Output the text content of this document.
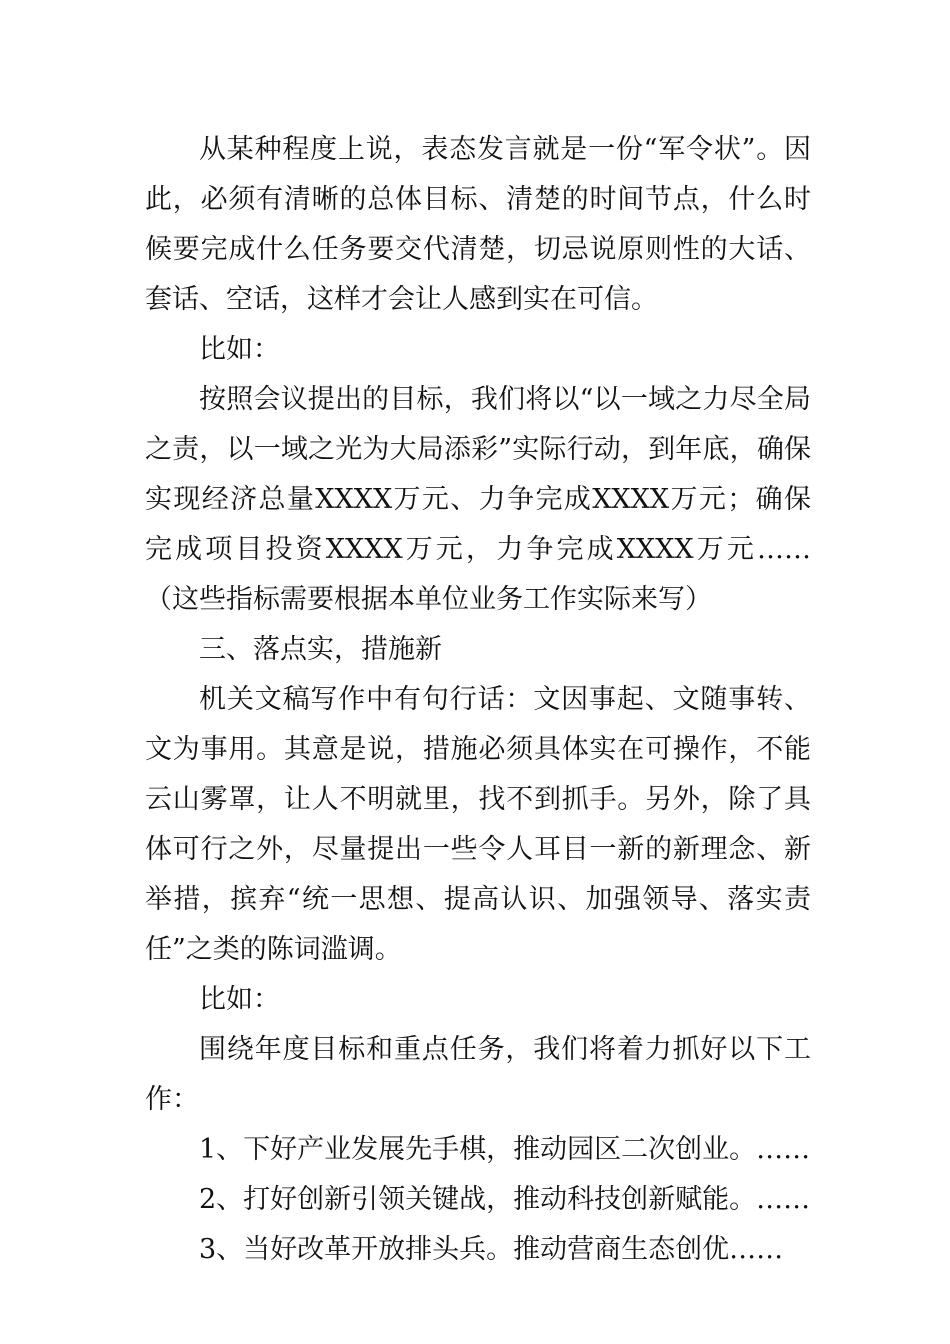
从某种程度上说，表态发言就是一份“军令状”。因此，必须有清晰的总体目标、清楚的时间节点，什么时候要完成什么任务要交代清楚，切忌说原则性的大话、套话、空话，这样才会让人感到实在可信。

比如：

按照会议提出的目标，我们将以“以一域之力尽全局之责，以一域之光为大局添彩”实际行动，到年底，确保实现经济总量XXXX万元、力争完成XXXX万元；确保完成项目投资XXXX万元，力争完成XXXX万元……（这些指标需要根据本单位业务工作实际来写）

三、落点实，措施新

机关文稿写作中有句行话：文因事起、文随事转、文为事用。其意是说，措施必须具体实在可操作，不能云山雾罩，让人不明就里，找不到抓手。另外，除了具体可行之外，尽量提出一些令人耳目一新的新理念、新举措，摈弃“统一思想、提高认识、加强领导、落实责任”之类的陈词滥调。

比如：

围绕年度目标和重点任务，我们将着力抓好以下工作：

1、下好产业发展先手棋，推动园区二次创业。……

2、打好创新引领关键战，推动科技创新赋能。……

3、当好改革开放排头兵。推动营商生态创优……
